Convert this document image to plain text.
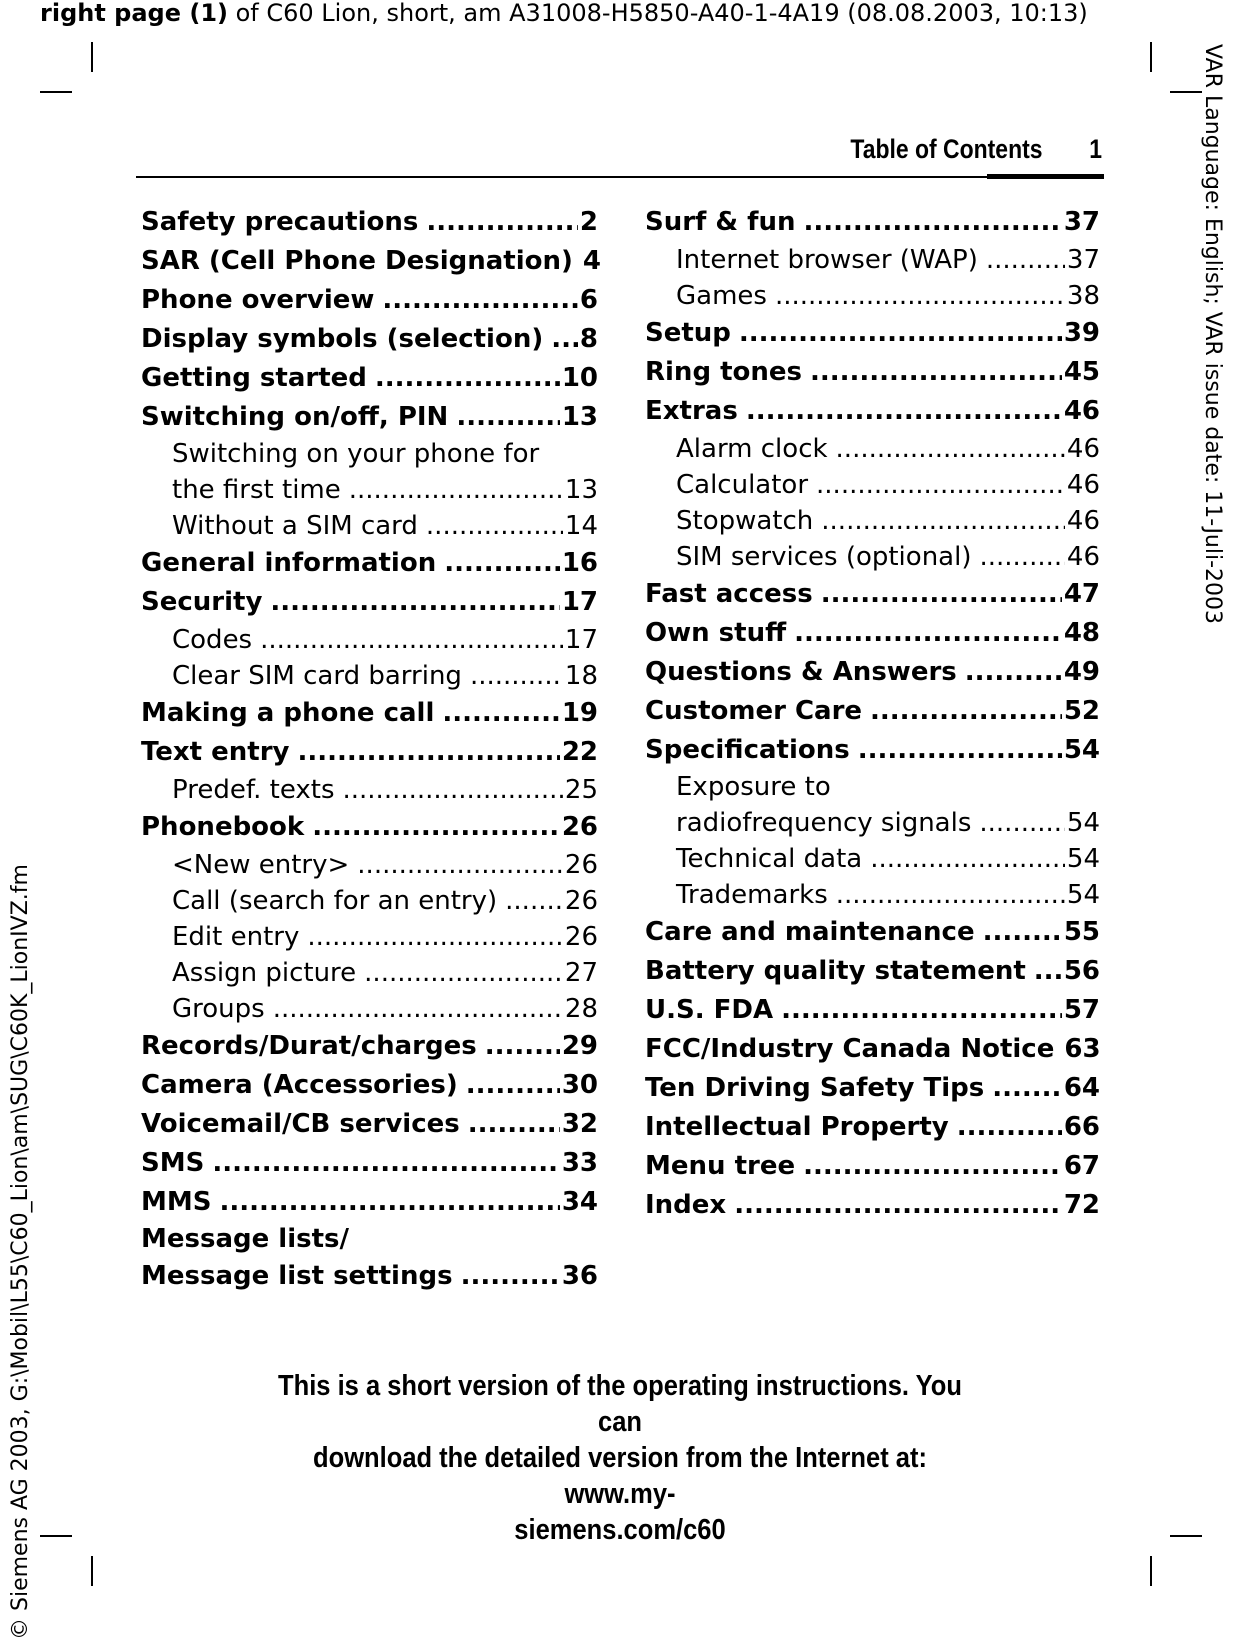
right page (1) of C60 Lion, short, am A31008-H5850-A40-1-4A19 (08.08.2003, 10:13)
VAR Language: English; VAR issue date: 11-Juli-2003
© Siemens AG 2003, G:\Mobil\L55\C60_Lion\am\SUG\C60K_LionIVZ.fm
Table of Contents 1
Safety precautions .....	2
SAR (Cell Phone Designation) 4
Phone overview .....	6
Display symbols (selection) ..... 8
Getting started .....	10
Switching on/off, PIN .....	13
Switching on your phone for
the first time .....	13
Without a SIM card .....	14
General information .....	16
Security .....	17
Codes .....	17
Clear SIM card barring .....	18
Making a phone call .....	19
Text entry .....	22
Predef. texts .....	25
Phonebook .....	26
<New entry> .....	26
Call (search for an entry) .....	26
Edit entry .....	26
Assign picture .....	27
Groups .....	28
Records/Durat/charges .....	29
Camera (Accessories) .....	30
Voicemail/CB services .....	32
SMS .....	33
MMS .....	34
Message lists/
Message list settings .....	36
Surf & fun .....	37
Internet browser (WAP) .....	37
Games .....	38
Setup .....	39
Ring tones .....	45
Extras .....	46
Alarm clock .....	46
Calculator .....	46
Stopwatch .....	46
SIM services (optional) .....	46
Fast access .....	47
Own stuff .....	48
Questions & Answers .....	49
Customer Care .....	52
Specifications .....	54
Exposure to
radiofrequency signals .....	54
Technical data .....	54
Trademarks .....	54
Care and maintenance .....	55
Battery quality statement ..... 56
U.S. FDA .....	57
FCC/Industry Canada Notice 63
Ten Driving Safety Tips .....	64
Intellectual Property .....	66
Menu tree .....	67
Index .....	72
This is a short version of the operating instructions. You can
download the detailed version from the Internet at: www.my-
siemens.com/c60
